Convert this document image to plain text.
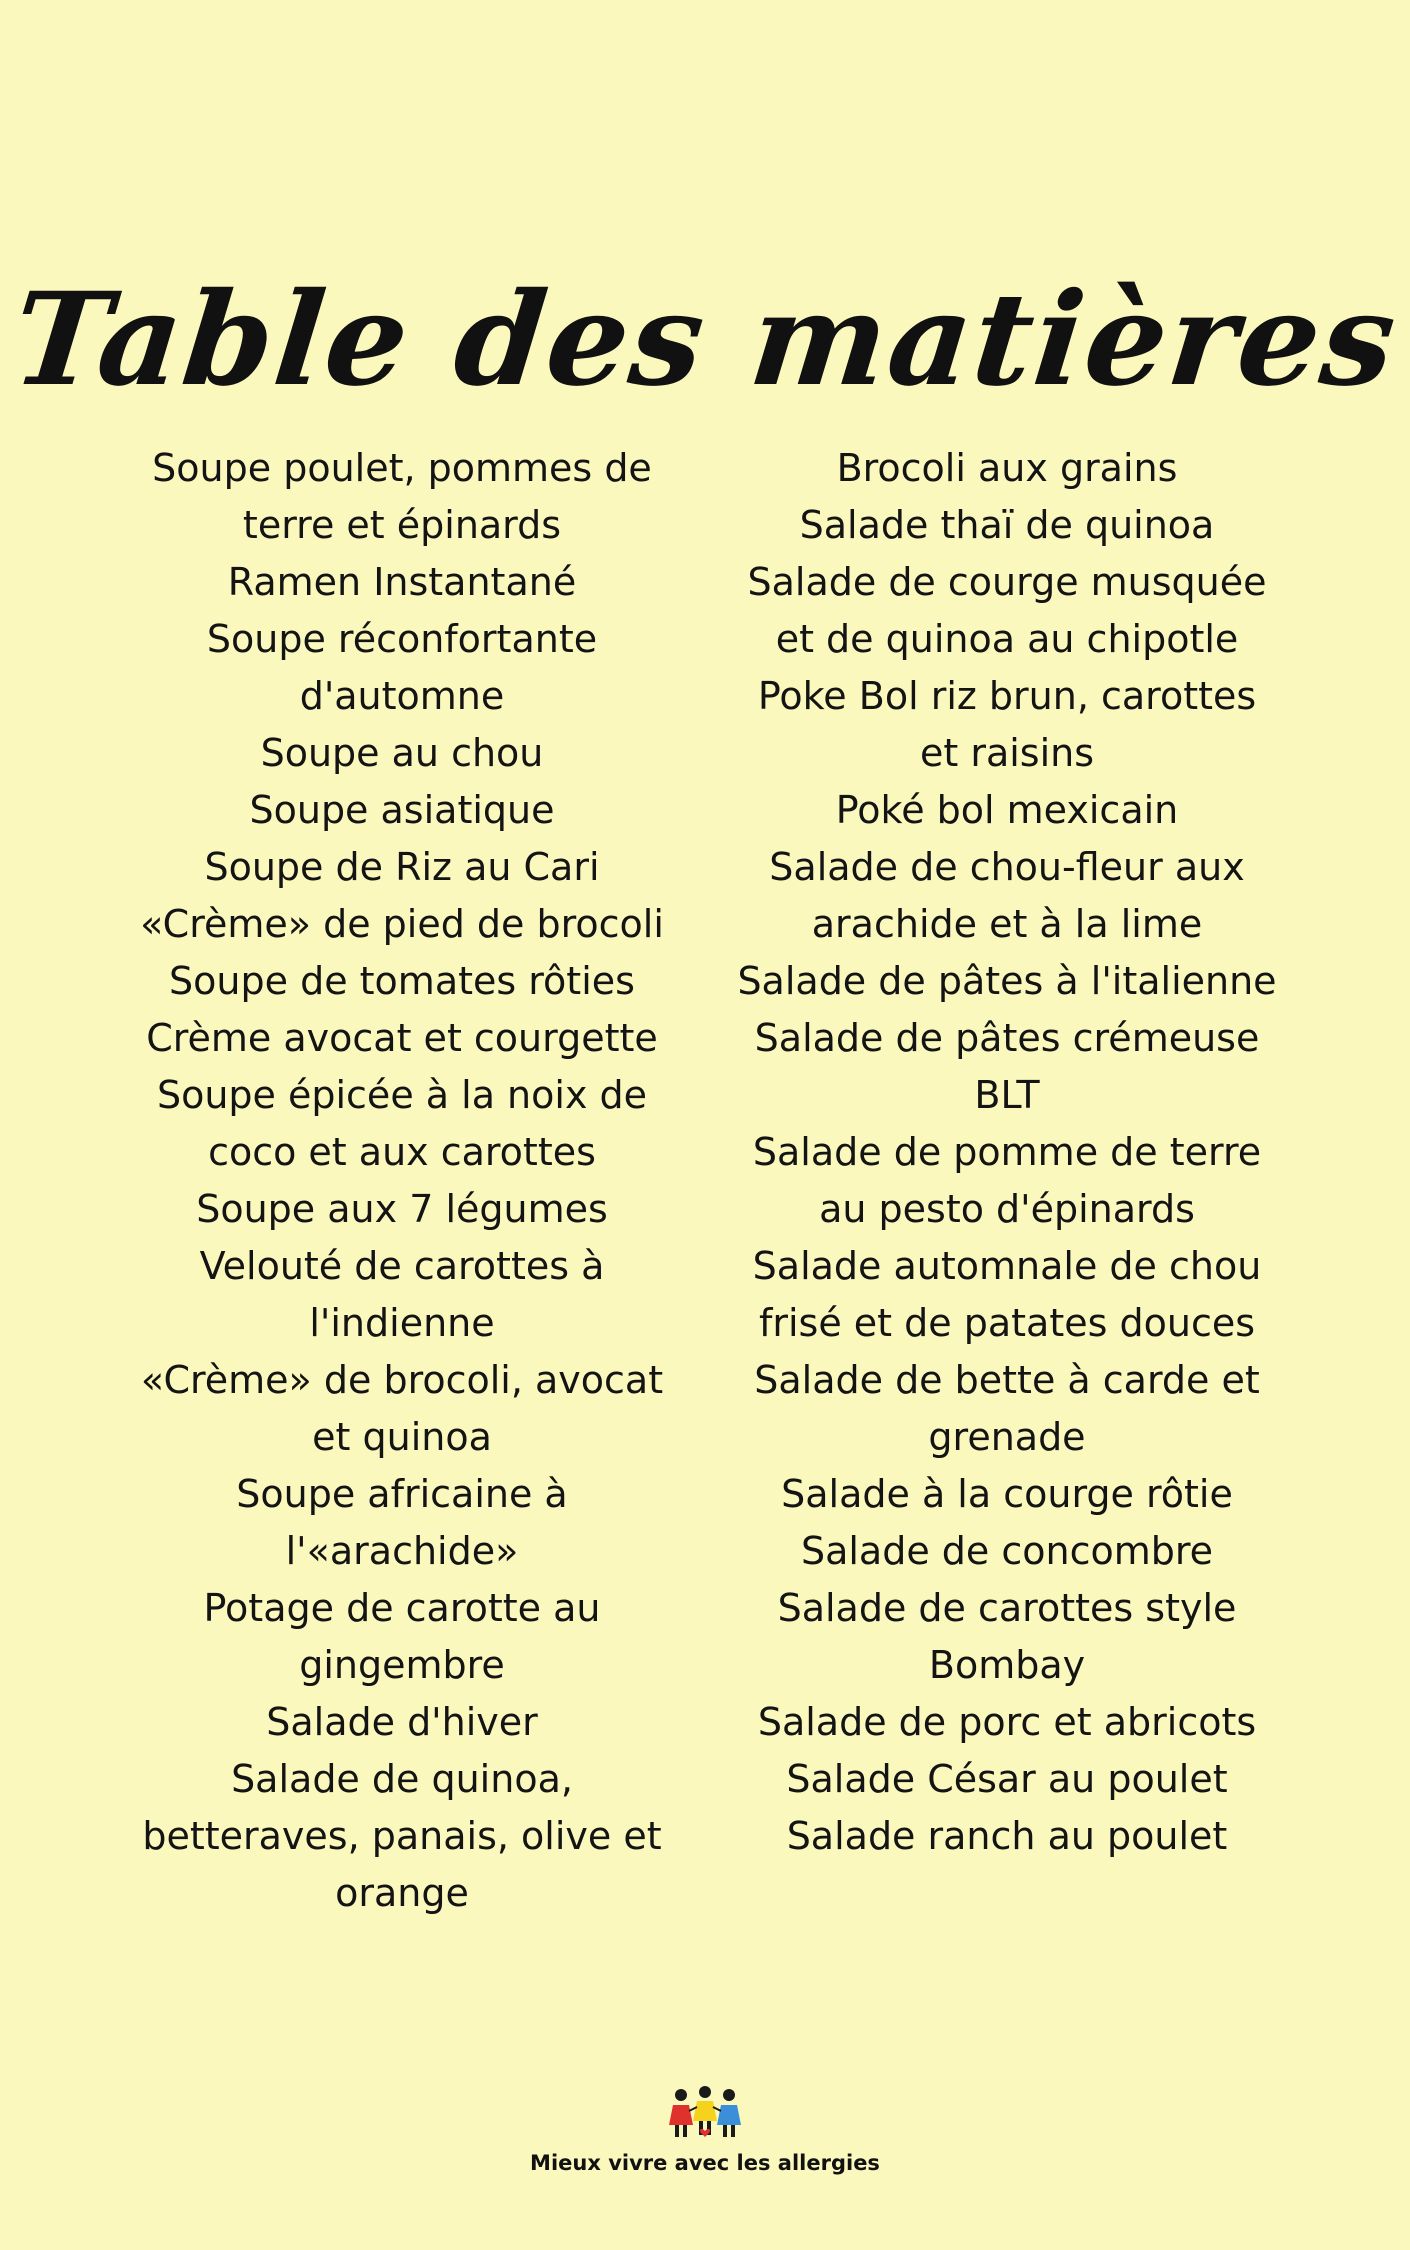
Table des matières
Soupe poulet, pommes de terre et épinards
Ramen Instantané
Soupe réconfortante d'automne
Soupe au chou
Soupe asiatique
Soupe de Riz au Cari
«Crème» de pied de brocoli
Soupe de tomates rôties
Crème avocat et courgette
Soupe épicée à la noix de coco et aux carottes
Soupe aux 7 légumes
Velouté de carottes à l'indienne
«Crème» de brocoli, avocat et quinoa
Soupe africaine à l'«arachide»
Potage de carotte au gingembre
Salade d'hiver
Salade de quinoa, betteraves, panais, olive et orange
Brocoli aux grains
Salade thaï de quinoa
Salade de courge musquée et de quinoa au chipotle
Poke Bol riz brun, carottes et raisins
Poké bol mexicain
Salade de chou-fleur aux arachide et à la lime
Salade de pâtes à l'italienne
Salade de pâtes crémeuse BLT
Salade de pomme de terre au pesto d'épinards
Salade automnale de chou frisé et de patates douces
Salade de bette à carde et grenade
Salade à la courge rôtie
Salade de concombre
Salade de carottes style Bombay
Salade de porc et abricots
Salade César au poulet
Salade ranch au poulet
Mieux vivre avec les allergies
